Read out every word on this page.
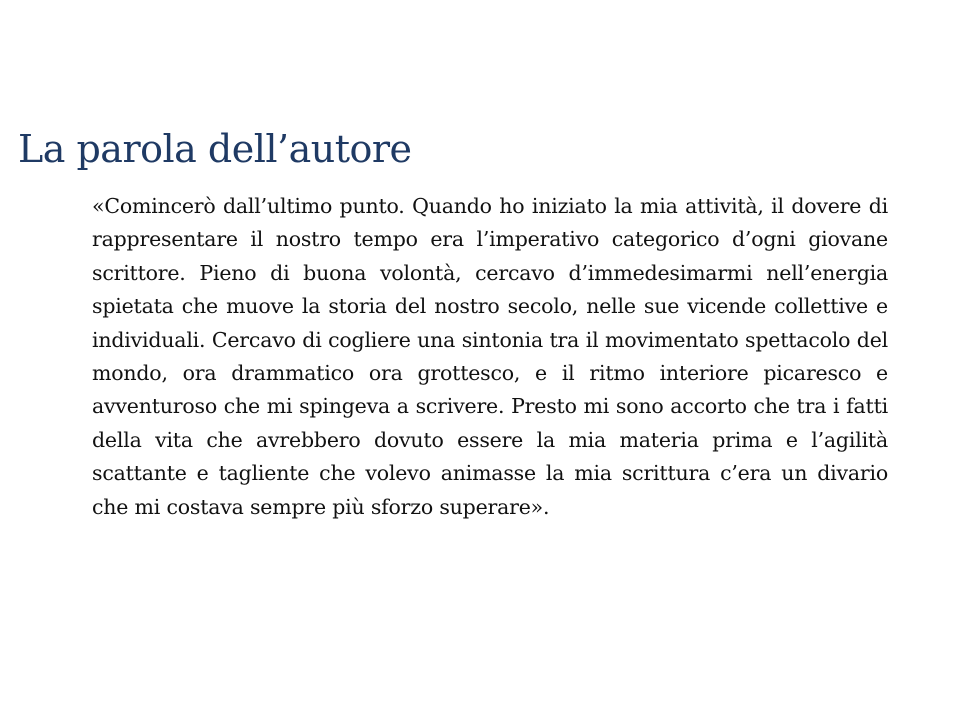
La parola dell’autore

«Comincerò dall’ultimo punto. Quando ho iniziato la mia attività, il dovere di rappresentare il nostro tempo era l’imperativo categorico d’ogni giovane scrittore. Pieno di buona volontà, cercavo d’immedesimarmi nell’energia spietata che muove la storia del nostro secolo, nelle sue vicende collettive e individuali. Cercavo di cogliere una sintonia tra il movimentato spettacolo del mondo, ora drammatico ora grottesco, e il ritmo interiore picaresco e avventuroso che mi spingeva a scrivere. Presto mi sono accorto che tra i fatti della vita che avrebbero dovuto essere la mia materia prima e l’agilità scattante e tagliente che volevo animasse la mia scrittura c’era un divario che mi costava sempre più sforzo superare».
